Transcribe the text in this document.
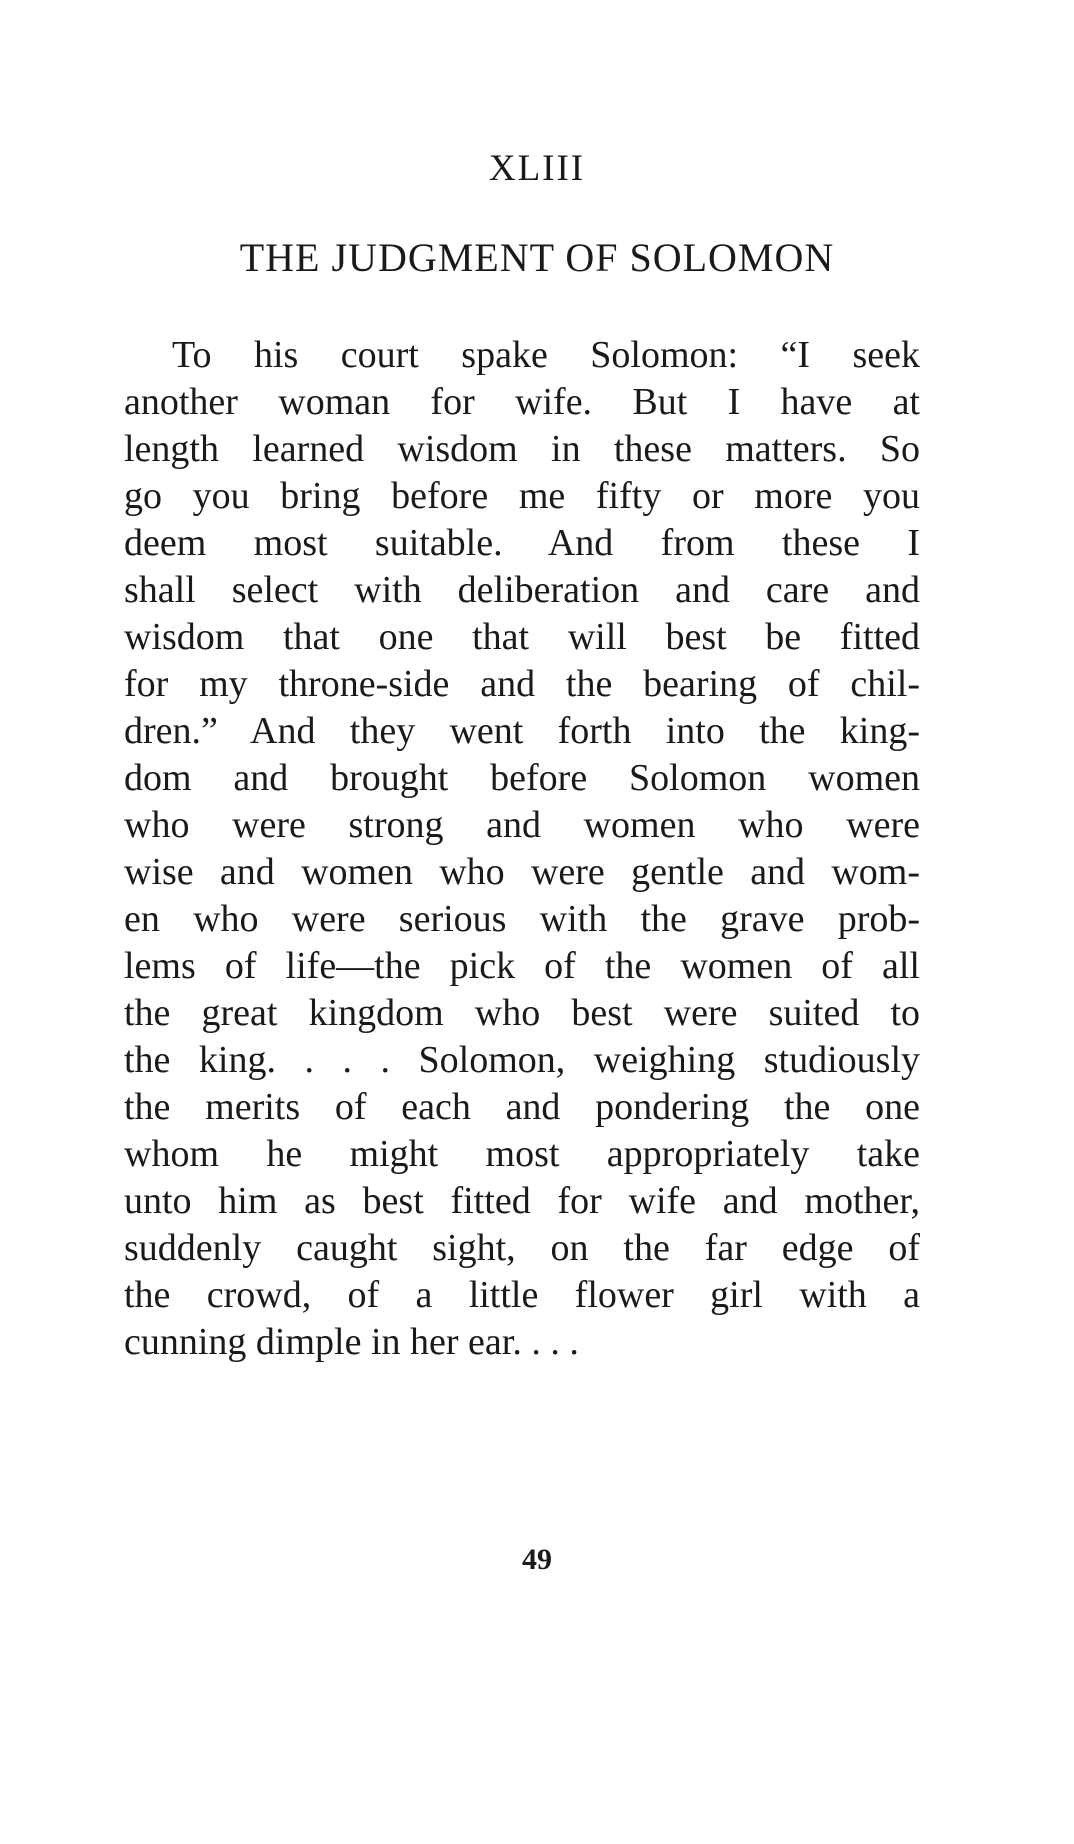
XLIII
THE JUDGMENT OF SOLOMON
To his court spake Solomon: “I seek
another woman for wife. But I have at
length learned wisdom in these matters. So
go you bring before me fifty or more you
deem most suitable. And from these I
shall select with deliberation and care and
wisdom that one that will best be fitted
for my throne-side and the bearing of chil-
dren.” And they went forth into the king-
dom and brought before Solomon women
who were strong and women who were
wise and women who were gentle and wom-
en who were serious with the grave prob-
lems of life—the pick of the women of all
the great kingdom who best were suited to
the king. . . . Solomon, weighing studiously
the merits of each and pondering the one
whom he might most appropriately take
unto him as best fitted for wife and mother,
suddenly caught sight, on the far edge of
the crowd, of a little flower girl with a
cunning dimple in her ear. . . .
49
